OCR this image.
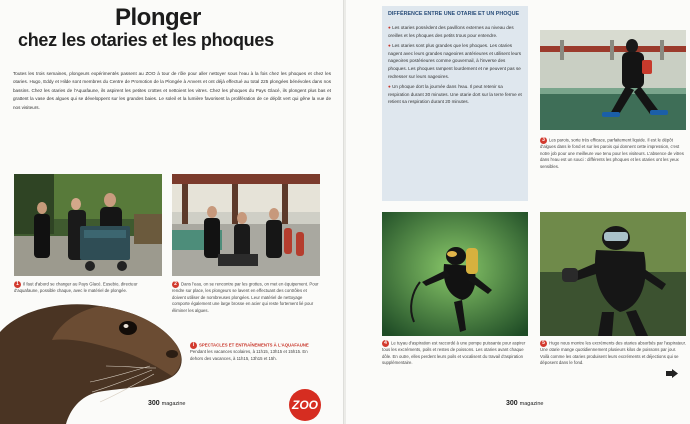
Plonger
chez les otaries et les phoques
Toutes les trois semaines, plongeurs expérimentés passent au ZOO à tour de rôle pour aller nettoyer sous l'eau à la fois chez les phoques et chez les otaries. Hugo, Eddy et Hilde sont membres du Centre de Promotion de la Plongée à Anvers et ont déjà effectué au total 225 plongées bénévoles dans nos bassins. Chez les otaries de l'Aquafaune, ils aspirent les petites crottes et nettoient les vitres. Chez les phoques du Pays Glacé, ils plongent plus bas et grattent la vase des algues qui se développent sur les grandes baies. Le soleil et la lumière favorisent la prolifération de ce dépôt vert qui gêne la vue de nos visiteurs.
1 Il faut d'abord se changer au Pays Glacé. Eusebio, directeur d'aquafaune, possible chaque, avec le matériel de plongée.
2 Dans l'eau, on se rencontre par les grottes, on met en équipement. Pour rendre sur place, les plongeurs se lavent en effectuant des contrôles et doivent utiliser de nombreuses plongées. Leur matériel de nettoyage comporte également une large brosse en acier qui reste fortement lié pour éliminer les algues.
i SPECTACLES ET ENTRAÎNEMENTS À L'AQUAFAUNE Pendant les vacances scolaires, à 11h15, 13h15 et 15h15. En dehors des vacances, à 11h15, 13h15 et 15h.
ZOO
300 magazine
DIFFÉRENCE ENTRE UNE OTARIE ET UN PHOQUE

● Les otaries possèdent des pavillons externes au niveau des oreilles et les phoques des petits trous pour entendre.

● Les otaries sont plus grandes que les phoques. Les otaries nagent avec leurs grandes nageoires antérieures et utilisent leurs nageoires postérieures comme gouvernail, à l'inverse des phoques. Les phoques rampent lourdement et ne peuvent pas se redresser sur leurs nageoires.

● Un phoque dort la journée dans l'eau. Il peut retenir sa respiration durant 30 minutes. Une otarie dort sur la terre ferme et retient sa respiration durant 20 minutes.

3 Les parois, sorte très efficace, parfaitement liquide. Il est le dépôt d'algues dans le fond et sur les parois qui donnent cette impression, c'est notre job pour une meilleure vue tenu pour les visiteurs. L'absence de vitres dans l'eau est un souci : différents les phoques et les otaries ont les yeux sensibles.
4 Le tuyau d'aspiration est raccordé à une pompe puissante pour aspirer tous les excréments, poils et restes de poissons. Les otaries avant chaque dôle. En outre, elles perdent leurs poils et vocalisent du travail d'aspiration supplémentaire.
5 Hugo nous montre les excréments des otaries absorbés par l'aspirateur. Une otarie mange quotidiennement plusieurs kilos de poissons par jour. Voilà comme les otaries produisent leurs excréments et déjections qui se déposent dans le fond.
300 magazine
